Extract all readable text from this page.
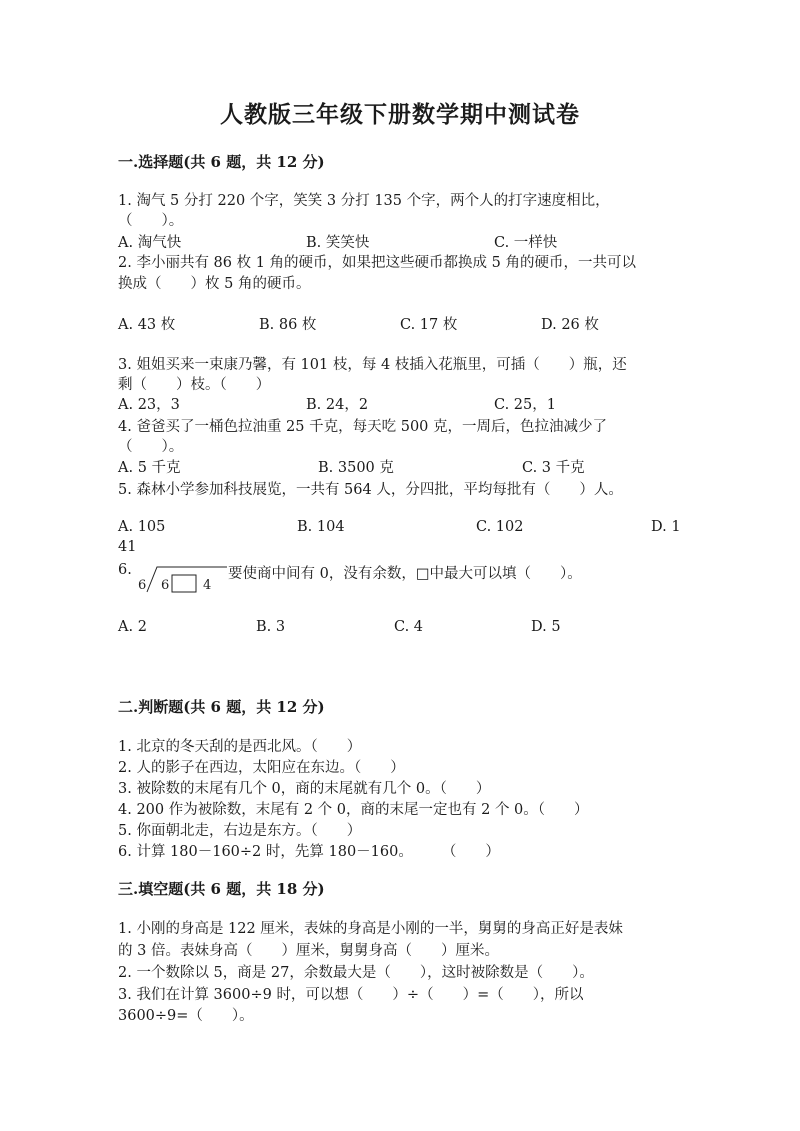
人教版三年级下册数学期中测试卷
一.选择题(共 6 题，共 12 分)
1. 淘气 5 分打 220 个字，笑笑 3 分打 135 个字，两个人的打字速度相比，
（　　）。
A. 淘气快	B. 笑笑快	C. 一样快
2. 李小丽共有 86 枚 1 角的硬币，如果把这些硬币都换成 5 角的硬币，一共可以
换成（　　）枚 5 角的硬币。
A. 43 枚	B. 86 枚	C. 17 枚	D. 26 枚
3. 姐姐买来一束康乃馨，有 101 枝，每 4 枝插入花瓶里，可插（　　）瓶，还
剩（　　）枝。（　　）
A. 23，3	B. 24，2	C. 25，1
4. 爸爸买了一桶色拉油重 25 千克，每天吃 500 克，一周后，色拉油减少了
（　　）。
A. 5 千克	B. 3500 克	C. 3 千克
5. 森林小学参加科技展览，一共有 564 人，分四批，平均每批有（　　）人。
A. 105	B. 104	C. 102	D. 1
41
6.
6 6	4
要使商中间有 0，没有余数，□中最大可以填（　　）。
A. 2	B. 3	C. 4	D. 5
二.判断题(共 6 题，共 12 分)
1. 北京的冬天刮的是西北风。（　　）
2. 人的影子在西边，太阳应在东边。（　　）
3. 被除数的末尾有几个 0，商的末尾就有几个 0。（　　）
4. 200 作为被除数，末尾有 2 个 0，商的末尾一定也有 2 个 0。（　　）
5. 你面朝北走，右边是东方。（　　）
6. 计算 180－160÷2 时，先算 180－160。　　　（　　）
三.填空题(共 6 题，共 18 分)
1. 小刚的身高是 122 厘米，表妹的身高是小刚的一半，舅舅的身高正好是表妹
的 3 倍。表妹身高（　　）厘米，舅舅身高（　　）厘米。
2. 一个数除以 5，商是 27，余数最大是（　　），这时被除数是（　　）。
3. 我们在计算 3600÷9 时，可以想（　　）÷（　　）=（　　），所以
3600÷9=（　　）。
